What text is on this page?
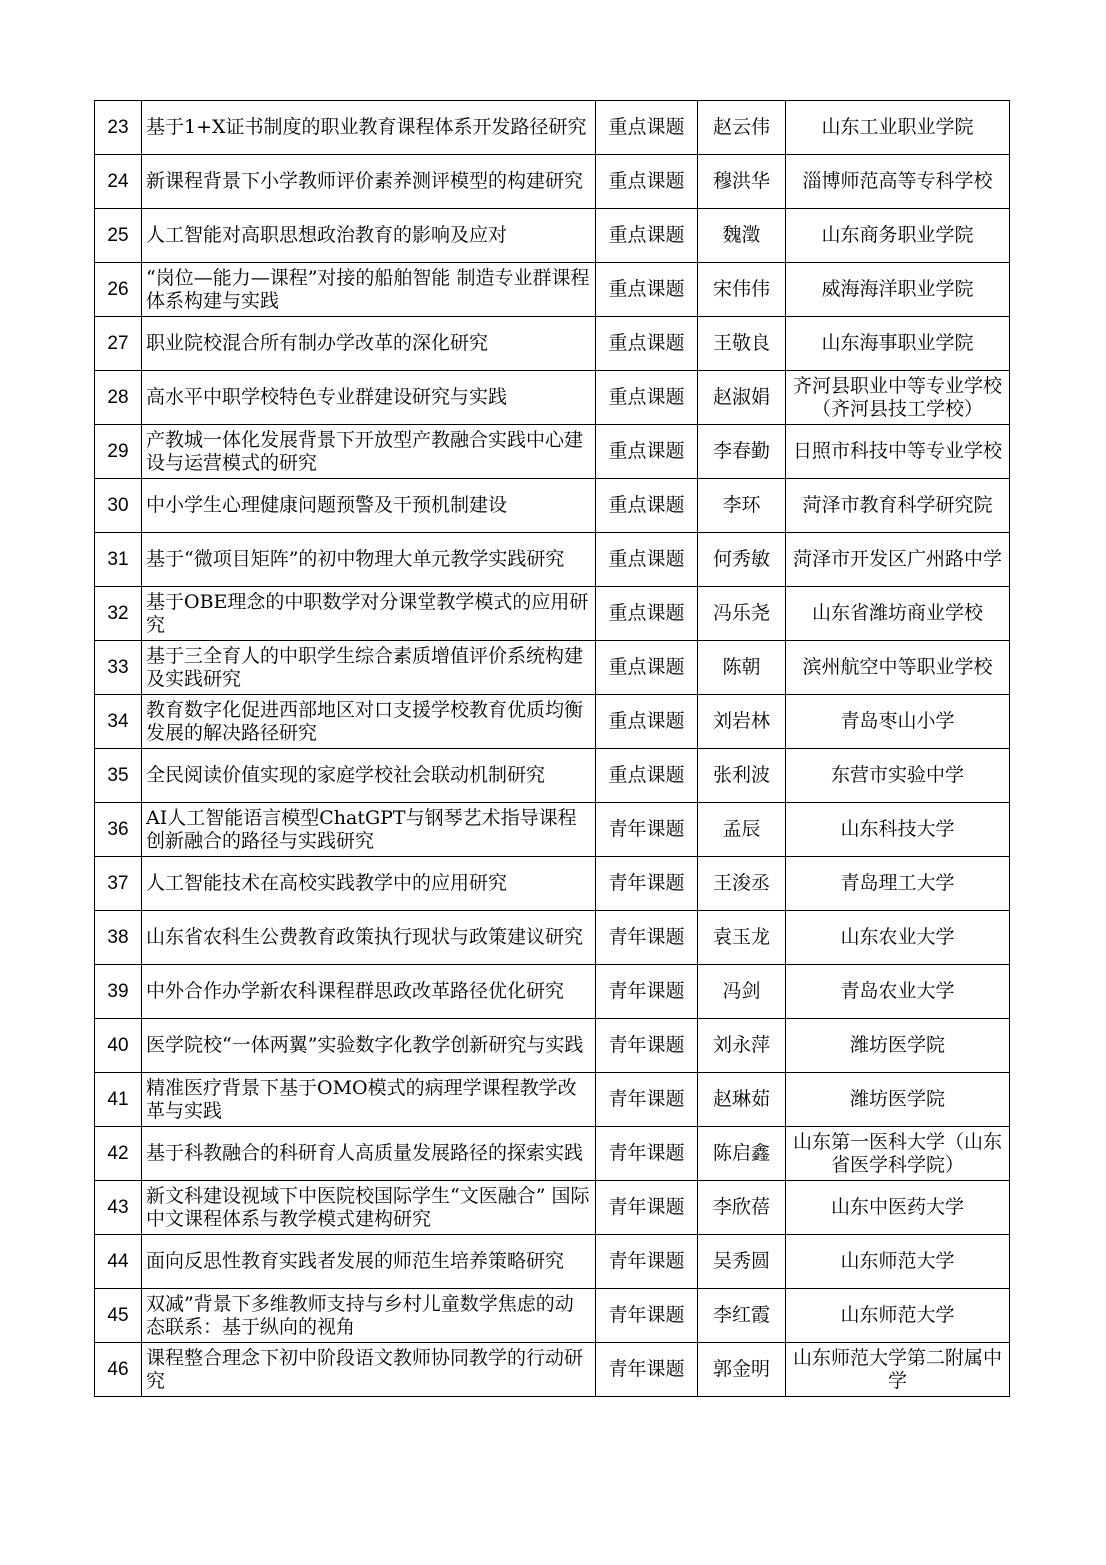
23	基于1+X证书制度的职业教育课程体系开发路径研究	重点课题	赵云伟	山东工业职业学院
24	新课程背景下小学教师评价素养测评模型的构建研究	重点课题	穆洪华	淄博师范高等专科学校
25	人工智能对高职思想政治教育的影响及应对	重点课题	魏澂	山东商务职业学院
26	“岗位—能力—课程”对接的船舶智能 制造专业群课程体系构建与实践	重点课题	宋伟伟	威海海洋职业学院
27	职业院校混合所有制办学改革的深化研究	重点课题	王敬良	山东海事职业学院
28	高水平中职学校特色专业群建设研究与实践	重点课题	赵淑娟	齐河县职业中等专业学校（齐河县技工学校）
29	产教城一体化发展背景下开放型产教融合实践中心建设与运营模式的研究	重点课题	李春勤	日照市科技中等专业学校
30	中小学生心理健康问题预警及干预机制建设	重点课题	李环	菏泽市教育科学研究院
31	基于“微项目矩阵”的初中物理大单元教学实践研究	重点课题	何秀敏	菏泽市开发区广州路中学
32	基于OBE理念的中职数学对分课堂教学模式的应用研究	重点课题	冯乐尧	山东省潍坊商业学校
33	基于三全育人的中职学生综合素质增值评价系统构建及实践研究	重点课题	陈朝	滨州航空中等职业学校
34	教育数字化促进西部地区对口支援学校教育优质均衡发展的解决路径研究	重点课题	刘岩林	青岛枣山小学
35	全民阅读价值实现的家庭学校社会联动机制研究	重点课题	张利波	东营市实验中学
36	AI人工智能语言模型ChatGPT与钢琴艺术指导课程创新融合的路径与实践研究	青年课题	孟辰	山东科技大学
37	人工智能技术在高校实践教学中的应用研究	青年课题	王浚丞	青岛理工大学
38	山东省农科生公费教育政策执行现状与政策建议研究	青年课题	袁玉龙	山东农业大学
39	中外合作办学新农科课程群思政改革路径优化研究	青年课题	冯剑	青岛农业大学
40	医学院校“一体两翼”实验数字化教学创新研究与实践	青年课题	刘永萍	潍坊医学院
41	精准医疗背景下基于OMO模式的病理学课程教学改革与实践	青年课题	赵琳茹	潍坊医学院
42	基于科教融合的科研育人高质量发展路径的探索实践	青年课题	陈启鑫	山东第一医科大学（山东省医学科学院）
43	新文科建设视域下中医院校国际学生“文医融合” 国际中文课程体系与教学模式建构研究	青年课题	李欣蓓	山东中医药大学
44	面向反思性教育实践者发展的师范生培养策略研究	青年课题	吴秀圆	山东师范大学
45	双减”背景下多维教师支持与乡村儿童数学焦虑的动态联系：基于纵向的视角	青年课题	李红霞	山东师范大学
46	课程整合理念下初中阶段语文教师协同教学的行动研究	青年课题	郭金明	山东师范大学第二附属中学
